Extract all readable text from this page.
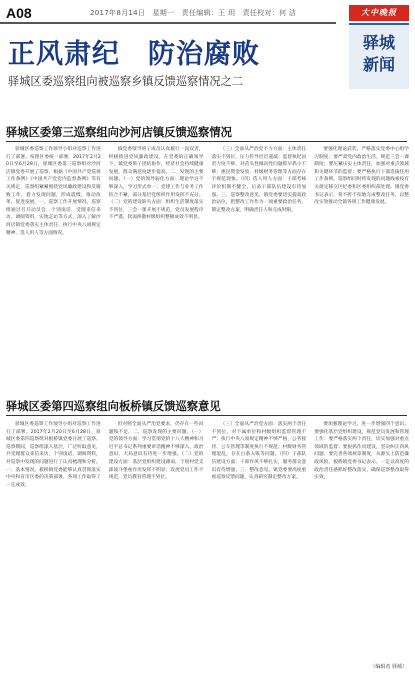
A08	2017年8月14日　星期一　责任编辑：王 玥　责任校对：何 洁	大中晚报
驿城
新闻
正风肃纪　防治腐败
驿城区委巡察组向被巡察乡镇反馈巡察情况之二
驿城区委第三巡察组向沙河店镇反馈巡察情况

驿城区委巡察工作领导小组对巡察工作进行了部署。按照区委统一部署，2017年2月20日至6月28日，驿城区委第三巡察组对沙河店镇党委开展了巡察。根据《中国共产党巡视工作条例》《中国共产党党内监督条例》等有关规定，巡察组紧紧围绕党风廉政建设和反腐败工作，着力发现问题，形成震慑，推动改革，促进发展。一、巡察工作开展情况。巡察组通过召开动员会、个别谈话、受理来信来访、调阅资料、实地走访等方式，深入了解沙河店镇党委落实主体责任、执行中央八项规定精神、选人用人等方面情况。

镇党委领导班子成员认真履行一岗双责，积极推进党风廉政建设。在党委的正确领导下，镇党委班子团结协作，经济社会持续健康发展，群众满意度逐步提高。二、发现的主要问题。（一）党的领导弱化方面：理论学习不够深入，学习形式单一；党建工作与业务工作结合不紧，部分基层党组织作用发挥不充分。（二）党的建设缺失方面：组织生活制度落实不到位，三会一课开展不规范，党员发展程序不严谨，软弱涣散村级组织整顿成效不明显。

（三）全面从严治党不力方面：主体责任落实不到位，压力传导层层递减；监督执纪问责力度不够，对苗头性倾向性问题抓早抓小不够；惠民资金发放、村级财务管理等方面存在不规范现象。（四）选人用人方面：干部考核评价机制不健全，后备干部队伍建设有待加强。三、巡察整改意见。镇党委要切实提高政治站位，把整改工作作为一项重要政治任务，制定整改方案，明确责任人和完成时限。

要强化理论武装，严格落实党委中心组学习制度；要严肃党内政治生活，规范三会一课制度；要压紧压实主体责任，加强对重点领域和关键环节的监督；要严格执行干部选拔任用工作条例。巡察组同时将发现的问题线索按有关规定移交区纪委和区委组织部处理。镇党委书记表示，将不折不扣地完成整改任务，以整改实效推动全镇各项工作健康发展。

驿城区委第四巡察组向板桥镇反馈巡察意见

驿城区委巡察工作领导小组对巡察工作进行了部署。2017年2月20日至6月28日，驿城区委第四巡察组对板桥镇党委开展了巡察。巡察期间，巡察组深入基层，广泛听取意见，共受理群众来信来访，个别谈话，调阅资料，对巡察中发现的问题进行了认真梳理和分析。一、基本情况。板桥镇党委能够认真贯彻落实中央和省市区委的决策部署，各项工作取得了一定成效。

但对照全面从严治党要求，仍存在一些问题和不足。二、巡察发现的主要问题。（一）党的领导方面：学习贯彻党的十八大精神和习近平总书记系列重要讲话精神不够深入，政治意识、大局意识有待进一步增强。（二）党的建设方面：基层党组织建设薄弱，个别村党支部战斗堡垒作用发挥不明显；发展党员工作不规范，党员教育管理不到位。

（三）全面从严治党方面：落实两个责任不到位，对下属单位和村级组织监督管理不严；执行中央八项规定精神不够严格，公务接待、公车管理等制度执行不规范；村级财务管理混乱，存在白条入账等问题。（四）干部队伍建设方面：干部作风不够扎实，服务群众意识有待增强。三、整改意见。镇党委要高度重视巡察反馈问题，认真研究制定整改方案。

要加强理论学习，进一步增强四个意识；要强化基层党组织建设，规范党员发展和管理工作；要严格落实两个责任，切实加强对重点领域的监督；要狠抓作风建设，坚决纠正四风问题；要完善各项规章制度，从源头上防范廉政风险。板桥镇党委书记表示，一定以高度的政治责任感抓好整改落实，确保巡察整改取得实效。

（编辑者 驿城）
